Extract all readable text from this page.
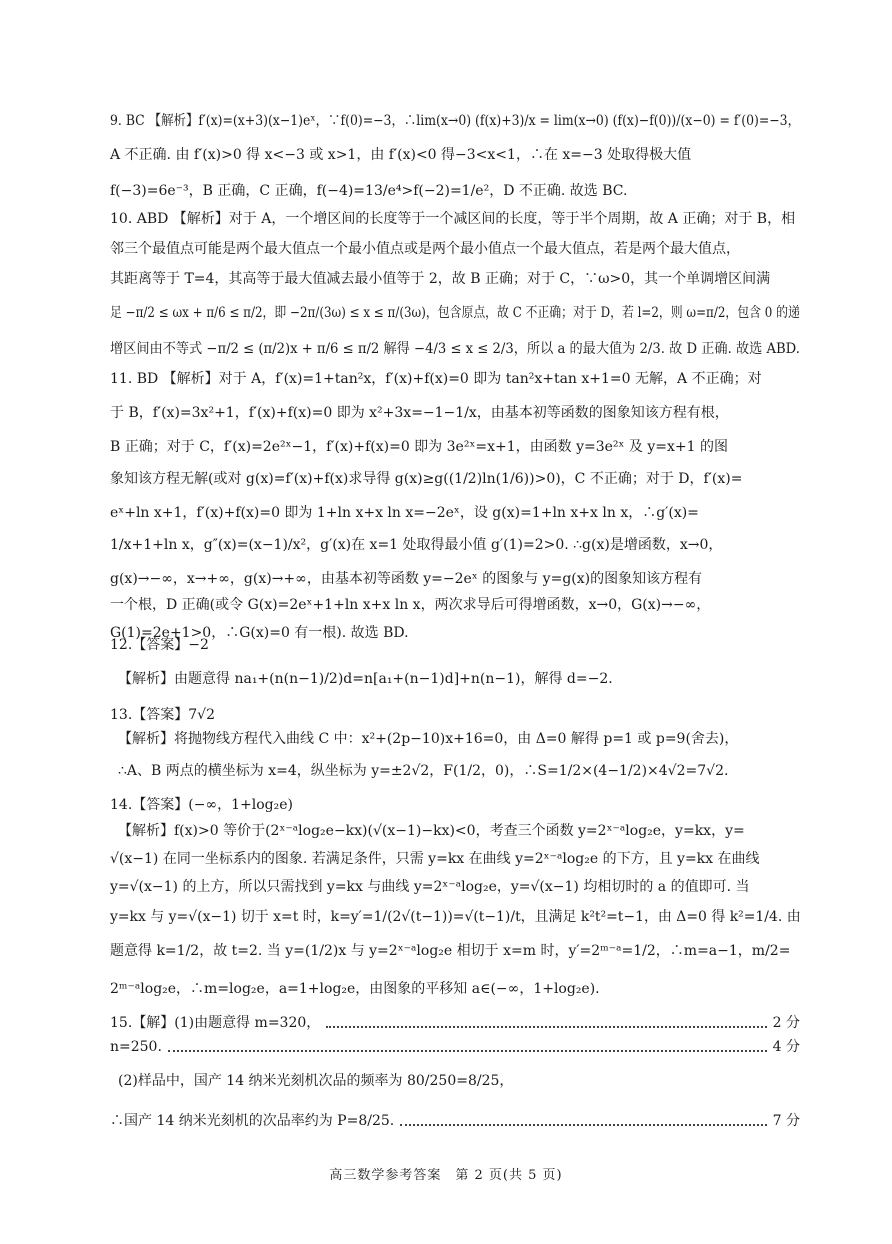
9. BC 【解析】f′(x)=(x+3)(x−1)eˣ，∵f(0)=−3，∴lim(x→0) (f(x)+3)/x = lim(x→0) (f(x)−f(0))/(x−0) = f′(0)=−3，
A 不正确. 由 f′(x)>0 得 x<−3 或 x>1，由 f′(x)<0 得−3<x<1，∴在 x=−3 处取得极大值
f(−3)=6e⁻³，B 正确，C 正确，f(−4)=13/e⁴>f(−2)=1/e²，D 不正确. 故选 BC.
10. ABD 【解析】对于 A，一个增区间的长度等于一个减区间的长度，等于半个周期，故 A 正确；对于 B，相
邻三个最值点可能是两个最大值点一个最小值点或是两个最小值点一个最大值点，若是两个最大值点，
其距离等于 T=4，其高等于最大值减去最小值等于 2，故 B 正确；对于 C，∵ω>0，其一个单调增区间满
足 −π/2 ≤ ωx + π/6 ≤ π/2，即 −2π/(3ω) ≤ x ≤ π/(3ω)，包含原点，故 C 不正确；对于 D，若 l=2，则 ω=π/2，包含 0 的递
增区间由不等式 −π/2 ≤ (π/2)x + π/6 ≤ π/2 解得 −4/3 ≤ x ≤ 2/3，所以 a 的最大值为 2/3. 故 D 正确. 故选 ABD.
11. BD 【解析】对于 A，f′(x)=1+tan²x，f′(x)+f(x)=0 即为 tan²x+tan x+1=0 无解，A 不正确；对
于 B，f′(x)=3x²+1，f′(x)+f(x)=0 即为 x²+3x=−1−1/x，由基本初等函数的图象知该方程有根，
B 正确；对于 C，f′(x)=2e²ˣ−1，f′(x)+f(x)=0 即为 3e²ˣ=x+1，由函数 y=3e²ˣ 及 y=x+1 的图
象知该方程无解(或对 g(x)=f′(x)+f(x)求导得 g(x)≥g((1/2)ln(1/6))>0)，C 不正确；对于 D，f′(x)=
eˣ+ln x+1，f′(x)+f(x)=0 即为 1+ln x+x ln x=−2eˣ，设 g(x)=1+ln x+x ln x，∴g′(x)=
1/x+1+ln x，g″(x)=(x−1)/x²，g′(x)在 x=1 处取得最小值 g′(1)=2>0. ∴g(x)是增函数，x→0，
g(x)→−∞，x→+∞，g(x)→+∞，由基本初等函数 y=−2eˣ 的图象与 y=g(x)的图象知该方程有
一个根，D 正确(或令 G(x)=2eˣ+1+ln x+x ln x，两次求导后可得增函数，x→0，G(x)→−∞，
G(1)=2e+1>0，∴G(x)=0 有一根). 故选 BD.
12.【答案】−2
【解析】由题意得 na₁+(n(n−1)/2)d=n[a₁+(n−1)d]+n(n−1)，解得 d=−2.
13.【答案】7√2
【解析】将抛物线方程代入曲线 C 中：x²+(2p−10)x+16=0，由 Δ=0 解得 p=1 或 p=9(舍去)，
∴A、B 两点的横坐标为 x=4，纵坐标为 y=±2√2，F(1/2，0)，∴S=1/2×(4−1/2)×4√2=7√2.
14.【答案】(−∞，1+log₂e)
【解析】f(x)>0 等价于(2ˣ⁻ᵃlog₂e−kx)(√(x−1)−kx)<0，考查三个函数 y=2ˣ⁻ᵃlog₂e，y=kx，y=
√(x−1) 在同一坐标系内的图象. 若满足条件，只需 y=kx 在曲线 y=2ˣ⁻ᵃlog₂e 的下方，且 y=kx 在曲线
y=√(x−1) 的上方，所以只需找到 y=kx 与曲线 y=2ˣ⁻ᵃlog₂e，y=√(x−1) 均相切时的 a 的值即可. 当
y=kx 与 y=√(x−1) 切于 x=t 时，k=y′=1/(2√(t−1))=√(t−1)/t，且满足 k²t²=t−1，由 Δ=0 得 k²=1/4. 由
题意得 k=1/2，故 t=2. 当 y=(1/2)x 与 y=2ˣ⁻ᵃlog₂e 相切于 x=m 时，y′=2ᵐ⁻ᵃ=1/2，∴m=a−1，m/2=
2ᵐ⁻ᵃlog₂e，∴m=log₂e，a=1+log₂e，由图象的平移知 a∈(−∞，1+log₂e).
15.【解】(1)由题意得 m=320，	2 分
n=250.	4 分
(2)样品中，国产 14 纳米光刻机次品的频率为 80/250=8/25，
∴国产 14 纳米光刻机的次品率约为 P=8/25.	7 分
高三数学参考答案　第 2 页(共 5 页)
